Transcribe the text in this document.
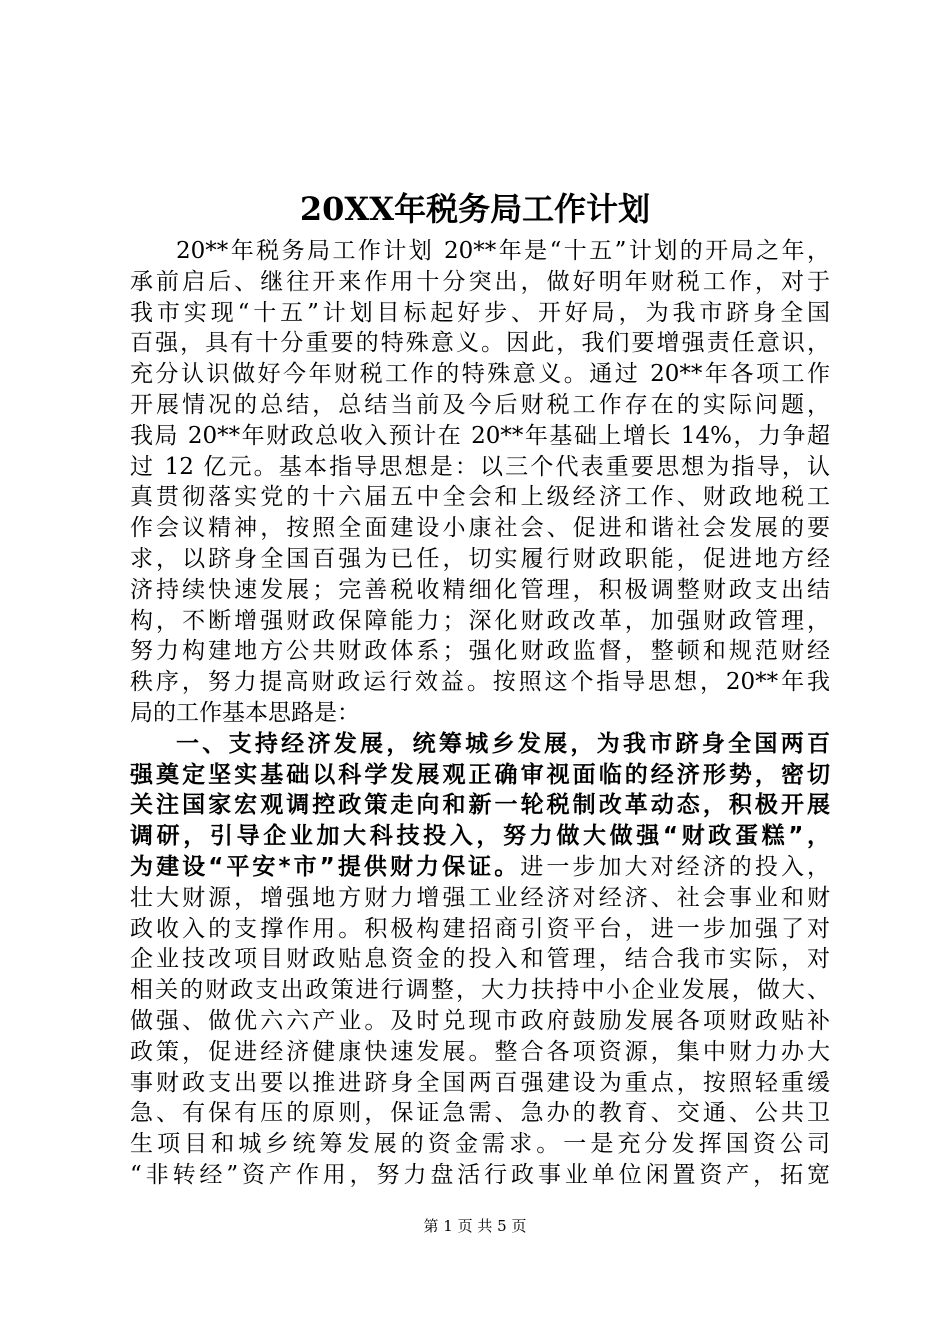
20XX年税务局工作计划
20**年税务局工作计划 20**年是“十五”计划的开局之年，
承前启后、继往开来作用十分突出，做好明年财税工作，对于
我市实现“十五”计划目标起好步、开好局，为我市跻身全国
百强，具有十分重要的特殊意义。因此，我们要增强责任意识，
充分认识做好今年财税工作的特殊意义。通过 20**年各项工作
开展情况的总结，总结当前及今后财税工作存在的实际问题，
我局 20**年财政总收入预计在 20**年基础上增长 14%，力争超
过 12 亿元。基本指导思想是：以三个代表重要思想为指导，认
真贯彻落实党的十六届五中全会和上级经济工作、财政地税工
作会议精神，按照全面建设小康社会、促进和谐社会发展的要
求，以跻身全国百强为已任，切实履行财政职能，促进地方经
济持续快速发展；完善税收精细化管理，积极调整财政支出结
构，不断增强财政保障能力；深化财政改革，加强财政管理，
努力构建地方公共财政体系；强化财政监督，整顿和规范财经
秩序，努力提高财政运行效益。按照这个指导思想，20**年我
局的工作基本思路是：
一、支持经济发展，统筹城乡发展，为我市跻身全国两百
强奠定坚实基础以科学发展观正确审视面临的经济形势，密切
关注国家宏观调控政策走向和新一轮税制改革动态，积极开展
调研，引导企业加大科技投入，努力做大做强“财政蛋糕”，
为建设“平安*市”提供财力保证。进一步加大对经济的投入，
壮大财源，增强地方财力增强工业经济对经济、社会事业和财
政收入的支撑作用。积极构建招商引资平台，进一步加强了对
企业技改项目财政贴息资金的投入和管理，结合我市实际，对
相关的财政支出政策进行调整，大力扶持中小企业发展，做大、
做强、做优六六产业。及时兑现市政府鼓励发展各项财政贴补
政策，促进经济健康快速发展。整合各项资源，集中财力办大
事财政支出要以推进跻身全国两百强建设为重点，按照轻重缓
急、有保有压的原则，保证急需、急办的教育、交通、公共卫
生项目和城乡统筹发展的资金需求。一是充分发挥国资公司
“非转经”资产作用，努力盘活行政事业单位闲置资产，拓宽
第 1 页 共 5 页
